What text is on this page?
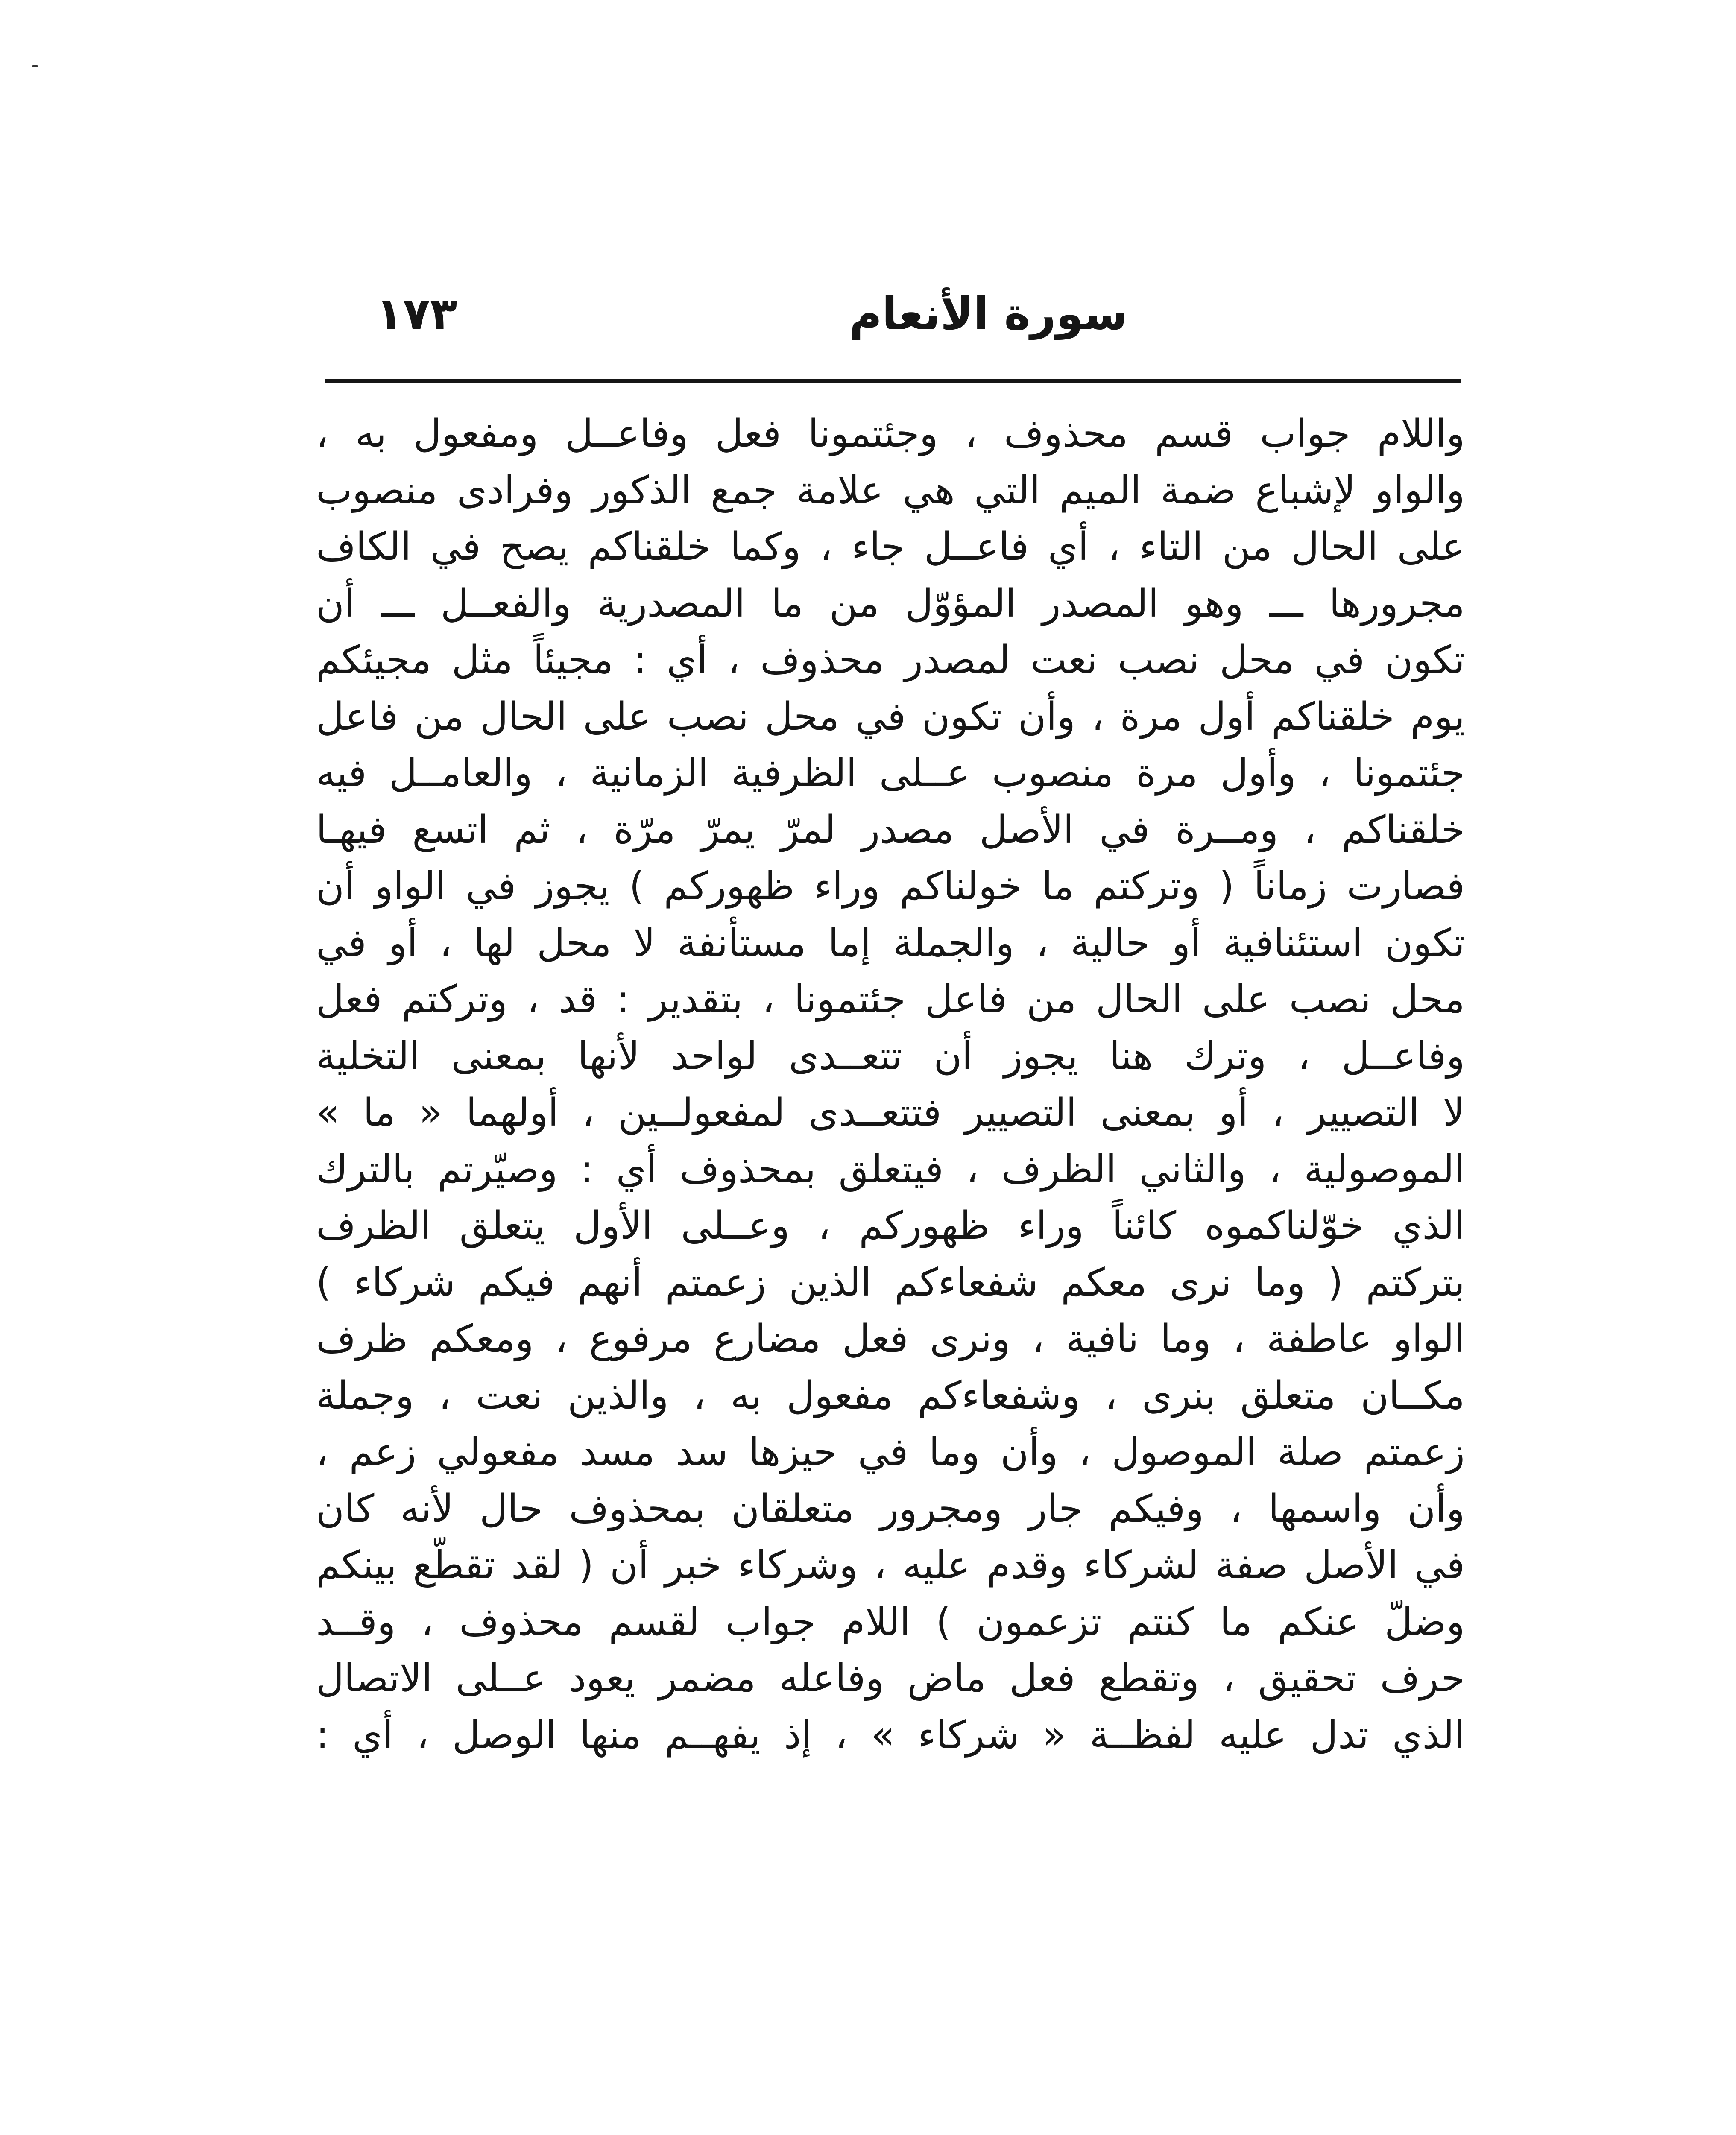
سورة الأنعام
١٧٣
واللام جواب قسم محذوف ، وجئتمونا فعل وفاعــل ومفعول به ،
والواو لإشباع ضمة الميم التي هي علامة جمع الذكور وفرادى منصوب
على الحال من التاء ، أي فاعــل جاء ، وكما خلقناكم يصح في الكاف
مجرورها ـــ وهو المصدر المؤوّل من ما المصدرية والفعــل ـــ أن
تكون في محل نصب نعت لمصدر محذوف ، أي : مجيئاً مثل مجيئكم
يوم خلقناكم أول مرة ، وأن تكون في محل نصب على الحال من فاعل
جئتمونا ، وأول مرة منصوب عــلى الظرفية الزمانية ، والعامــل فيه
خلقناكم ، ومــرة في الأصل مصدر لمرّ يمرّ مرّة ، ثم اتسع فيهـا
فصارت زماناً ( وتركتم ما خولناكم وراء ظهوركم ) يجوز في الواو أن
تكون استئنافية أو حالية ، والجملة إما مستأنفة لا محل لها ، أو في
محل نصب على الحال من فاعل جئتمونا ، بتقدير : قد ، وتركتم فعل
وفاعــل ، وترك هنا يجوز أن تتعــدى لواحد لأنها بمعنى التخلية
لا التصيير ، أو بمعنى التصيير فتتعــدى لمفعولــين ، أولهما « ما »
الموصولية ، والثاني الظرف ، فيتعلق بمحذوف أي : وصيّرتم بالترك
الذي خوّلناكموه كائناً وراء ظهوركم ، وعــلى الأول يتعلق الظرف
بتركتم ( وما نرى معكم شفعاءكم الذين زعمتم أنهم فيكم شركاء )
الواو عاطفة ، وما نافية ، ونرى فعل مضارع مرفوع ، ومعكم ظرف
مكــان متعلق بنرى ، وشفعاءكم مفعول به ، والذين نعت ، وجملة
زعمتم صلة الموصول ، وأن وما في حيزها سد مسد مفعولي زعم ،
وأن واسمها ، وفيكم جار ومجرور متعلقان بمحذوف حال لأنه كان
في الأصل صفة لشركاء وقدم عليه ، وشركاء خبر أن ( لقد تقطّع بينكم
وضلّ عنكم ما كنتم تزعمون ) اللام جواب لقسم محذوف ، وقــد
حرف تحقيق ، وتقطع فعل ماض وفاعله مضمر يعود عــلى الاتصال
الذي تدل عليه لفظــة « شركاء » ، إذ يفهــم منها الوصل ، أي :
